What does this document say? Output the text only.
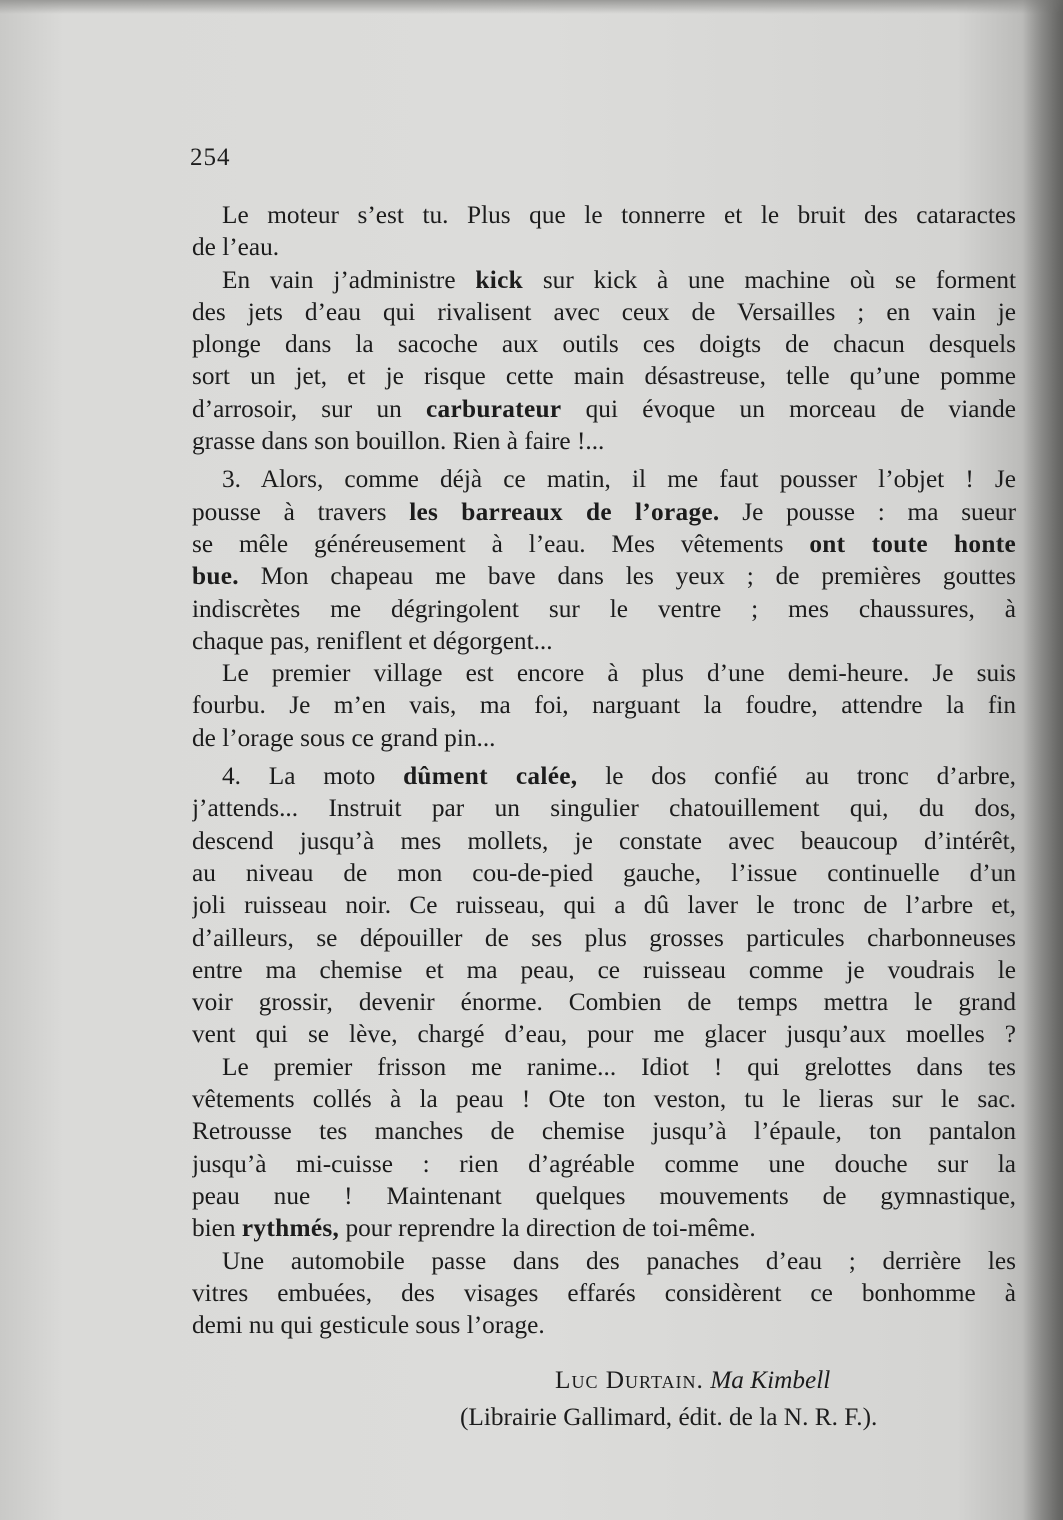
254
Le moteur s’est tu. Plus que le tonnerre et le bruit des cataractes
de l’eau.
En vain j’administre kick sur kick à une machine où se forment
des jets d’eau qui rivalisent avec ceux de Versailles ; en vain je
plonge dans la sacoche aux outils ces doigts de chacun desquels
sort un jet, et je risque cette main désastreuse, telle qu’une pomme
d’arrosoir, sur un carburateur qui évoque un morceau de viande
grasse dans son bouillon. Rien à faire !...
3. Alors, comme déjà ce matin, il me faut pousser l’objet ! Je
pousse à travers les barreaux de l’orage. Je pousse : ma sueur
se mêle généreusement à l’eau. Mes vêtements ont toute honte
bue. Mon chapeau me bave dans les yeux ; de premières gouttes
indiscrètes me dégringolent sur le ventre ; mes chaussures, à
chaque pas, reniflent et dégorgent...
Le premier village est encore à plus d’une demi-heure. Je suis
fourbu. Je m’en vais, ma foi, narguant la foudre, attendre la fin
de l’orage sous ce grand pin...
4. La moto dûment calée, le dos confié au tronc d’arbre,
j’attends... Instruit par un singulier chatouillement qui, du dos,
descend jusqu’à mes mollets, je constate avec beaucoup d’intérêt,
au niveau de mon cou-de-pied gauche, l’issue continuelle d’un
joli ruisseau noir. Ce ruisseau, qui a dû laver le tronc de l’arbre et,
d’ailleurs, se dépouiller de ses plus grosses particules charbonneuses
entre ma chemise et ma peau, ce ruisseau comme je voudrais le
voir grossir, devenir énorme. Combien de temps mettra le grand
vent qui se lève, chargé d’eau, pour me glacer jusqu’aux moelles ?
Le premier frisson me ranime... Idiot ! qui grelottes dans tes
vêtements collés à la peau ! Ote ton veston, tu le lieras sur le sac.
Retrousse tes manches de chemise jusqu’à l’épaule, ton pantalon
jusqu’à mi-cuisse : rien d’agréable comme une douche sur la
peau nue ! Maintenant quelques mouvements de gymnastique,
bien rythmés, pour reprendre la direction de toi-même.
Une automobile passe dans des panaches d’eau ; derrière les
vitres embuées, des visages effarés considèrent ce bonhomme à
demi nu qui gesticule sous l’orage.
Luc Durtain. Ma Kimbell
(Librairie Gallimard, édit. de la N. R. F.).
